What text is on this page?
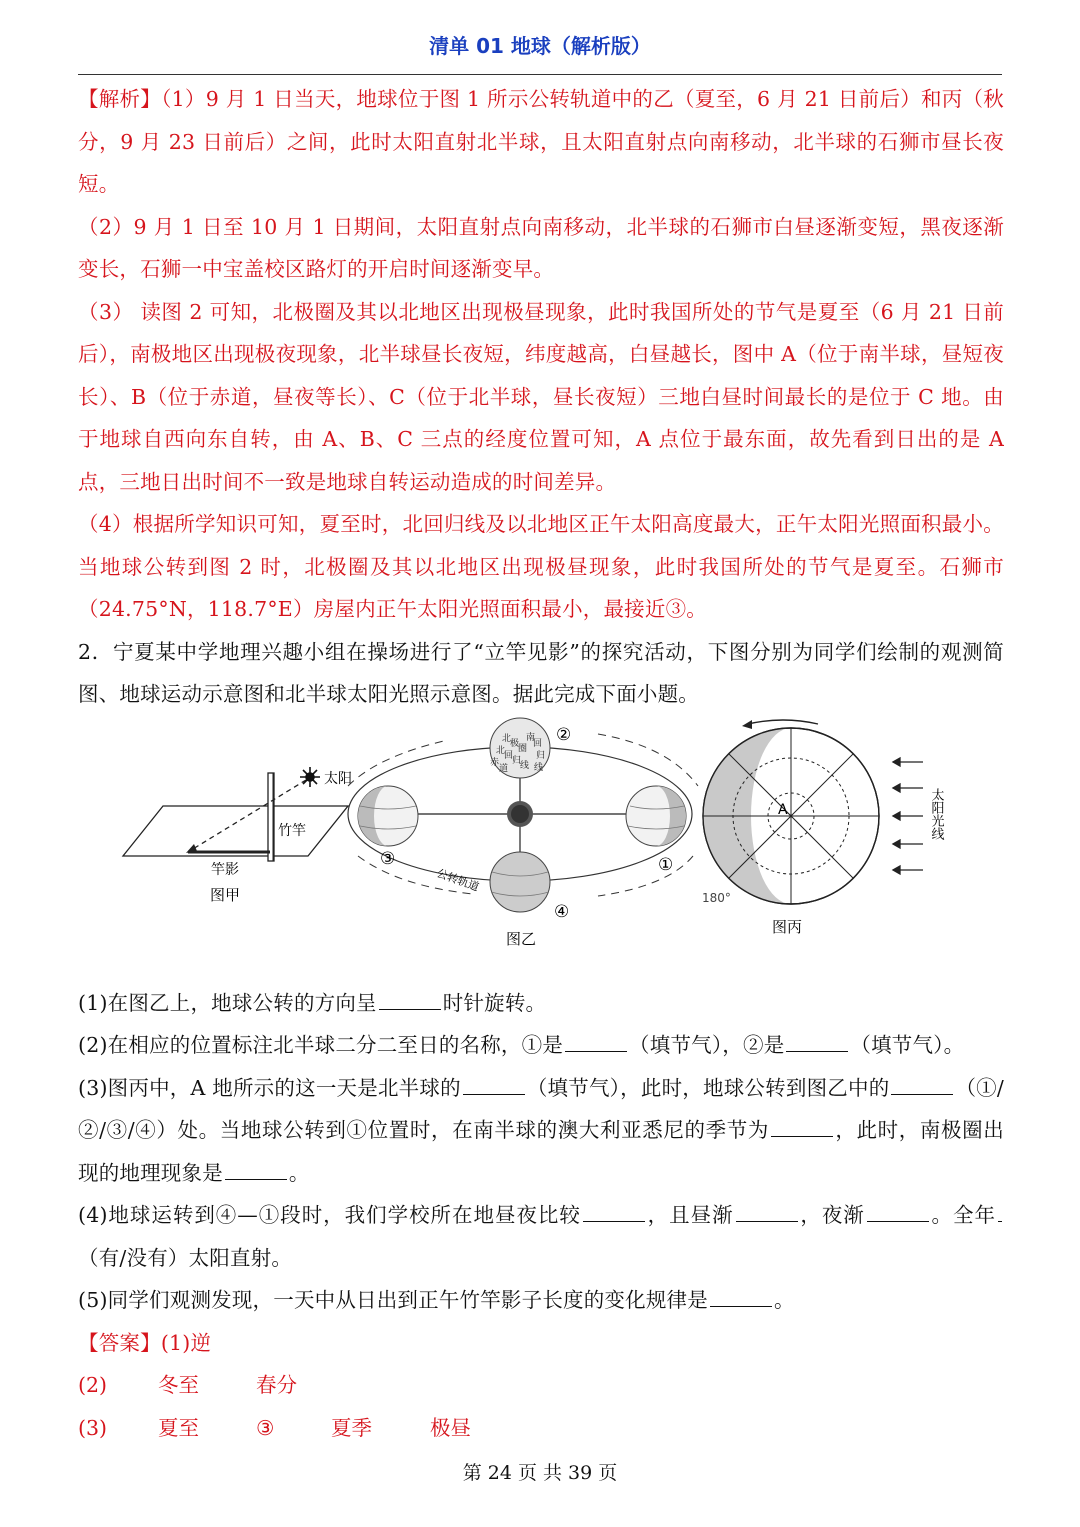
清单 01 地球（解析版）

【解析】（1）9 月 1 日当天，地球位于图 1 所示公转轨道中的乙（夏至，6 月 21 日前后）和丙（秋分，9 月 23 日前后）之间，此时太阳直射北半球，且太阳直射点向南移动，北半球的石狮市昼长夜短。

（2）9 月 1 日至 10 月 1 日期间，太阳直射点向南移动，北半球的石狮市白昼逐渐变短，黑夜逐渐变长，石狮一中宝盖校区路灯的开启时间逐渐变早。

（3） 读图 2 可知，北极圈及其以北地区出现极昼现象，此时我国所处的节气是夏至（6 月 21 日前后），南极地区出现极夜现象，北半球昼长夜短，纬度越高，白昼越长，图中 A（位于南半球，昼短夜长）、B（位于赤道，昼夜等长）、C（位于北半球，昼长夜短）三地白昼时间最长的是位于 C 地。由于地球自西向东自转，由 A、B、C 三点的经度位置可知，A 点位于最东面，故先看到日出的是 A 点，三地日出时间不一致是地球自转运动造成的时间差异。

（4）根据所学知识可知，夏至时，北回归线及以北地区正午太阳高度最大，正午太阳光照面积最小。当地球公转到图 2 时，北极圈及其以北地区出现极昼现象，此时我国所处的节气是夏至。石狮市（24.75°N，118.7°E）房屋内正午太阳光照面积最小，最接近③。

2．宁夏某中学地理兴趣小组在操场进行了“立竿见影”的探究活动，下图分别为同学们绘制的观测简图、地球运动示意图和北半球太阳光照示意图。据此完成下面小题。

太阳
竹竿
竿影
图甲
北
极
圈
北
回
归
线
赤
道
南
回
归
线
②
①
③
④
公转轨道
图乙
A
180°
太阳光线
图丙

(1)在图乙上，地球公转的方向呈	时针旋转。

(2)在相应的位置标注北半球二分二至日的名称，①是	（填节气），②是	（填节气）。

(3)图丙中，A 地所示的这一天是北半球的	（填节气），此时，地球公转到图乙中的	（①/②/③/④）处。当地球公转到①位置时，在南半球的澳大利亚悉尼的季节为	，此时，南极圈出现的地理现象是	。

(4)地球运转到④—①段时，我们学校所在地昼夜比较	，且昼渐	，夜渐	。全年（有/没有）太阳直射。

(5)同学们观测发现，一天中从日出到正午竹竿影子长度的变化规律是	。

【答案】(1)逆

(2) 冬至	春分
(3) 夏至	③	夏季	极昼
第 24 页 共 39 页
